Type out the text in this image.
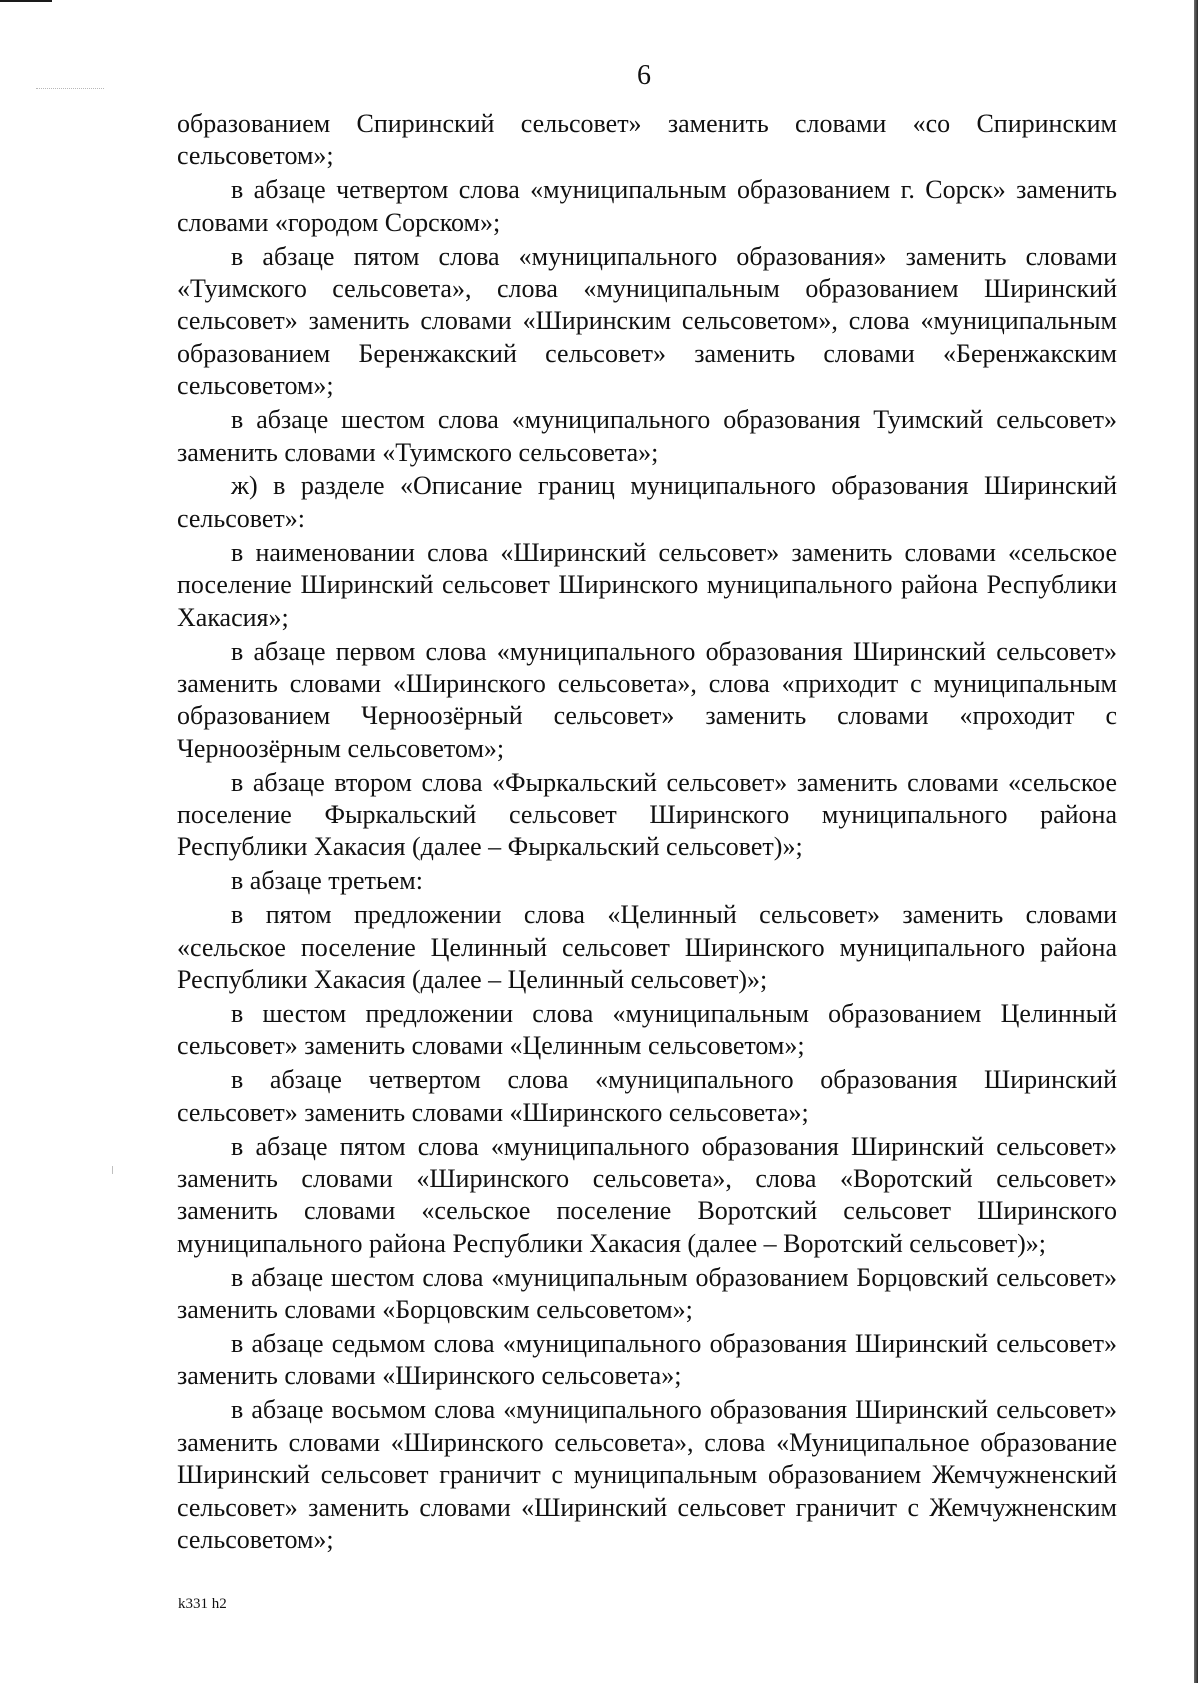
6

образованием Спиринский сельсовет» заменить словами «со Спиринским сельсоветом»;

в абзаце четвертом слова «муниципальным образованием г. Сорск» заменить словами «городом Сорском»;

в абзаце пятом слова «муниципального образования» заменить словами «Туимского сельсовета», слова «муниципальным образованием Ширинский сельсовет» заменить словами «Ширинским сельсоветом», слова «муниципальным образованием Беренжакский сельсовет» заменить словами «Беренжакским сельсоветом»;

в абзаце шестом слова «муниципального образования Туимский сельсовет» заменить словами «Туимского сельсовета»;

ж) в разделе «Описание границ муниципального образования Ширинский сельсовет»:

в наименовании слова «Ширинский сельсовет» заменить словами «сельское поселение Ширинский сельсовет Ширинского муниципального района Республики Хакасия»;

в абзаце первом слова «муниципального образования Ширинский сельсовет» заменить словами «Ширинского сельсовета», слова «приходит с муниципальным образованием Черноозёрный сельсовет» заменить словами «проходит с Черноозёрным сельсоветом»;

в абзаце втором слова «Фыркальский сельсовет» заменить словами «сельское поселение Фыркальский сельсовет Ширинского муниципального района Республики Хакасия (далее – Фыркальский сельсовет)»;

в абзаце третьем:

в пятом предложении слова «Целинный сельсовет» заменить словами «сельское поселение Целинный сельсовет Ширинского муниципального района Республики Хакасия (далее – Целинный сельсовет)»;

в шестом предложении слова «муниципальным образованием Целинный сельсовет» заменить словами «Целинным сельсоветом»;

в абзаце четвертом слова «муниципального образования Ширинский сельсовет» заменить словами «Ширинского сельсовета»;

в абзаце пятом слова «муниципального образования Ширинский сельсовет» заменить словами «Ширинского сельсовета», слова «Воротский сельсовет» заменить словами «сельское поселение Воротский сельсовет Ширинского муниципального района Республики Хакасия (далее – Воротский сельсовет)»;

в абзаце шестом слова «муниципальным образованием Борцовский сельсовет» заменить словами «Борцовским сельсоветом»;

в абзаце седьмом слова «муниципального образования Ширинский сельсовет» заменить словами «Ширинского сельсовета»;

в абзаце восьмом слова «муниципального образования Ширинский сельсовет» заменить словами «Ширинского сельсовета», слова «Муниципальное образование Ширинский сельсовет граничит с муниципальным образованием Жемчужненский сельсовет» заменить словами «Ширинский сельсовет граничит с Жемчужненским сельсоветом»;

k331 h2
